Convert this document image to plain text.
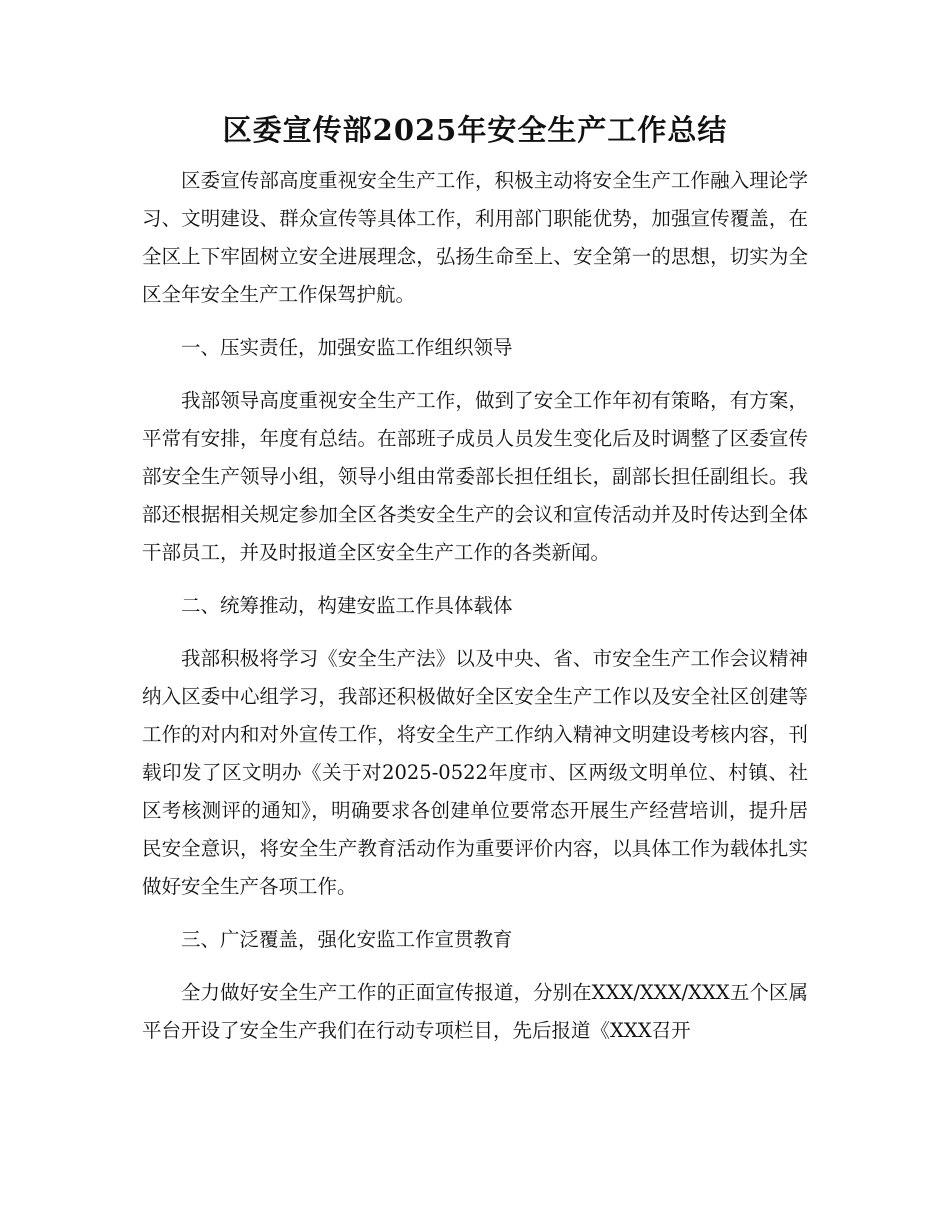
区委宣传部2025年安全生产工作总结

区委宣传部高度重视安全生产工作，积极主动将安全生产工作融入理论学习、文明建设、群众宣传等具体工作，利用部门职能优势，加强宣传覆盖，在全区上下牢固树立安全进展理念，弘扬生命至上、安全第一的思想，切实为全区全年安全生产工作保驾护航。

一、压实责任，加强安监工作组织领导

我部领导高度重视安全生产工作，做到了安全工作年初有策略，有方案，平常有安排，年度有总结。在部班子成员人员发生变化后及时调整了区委宣传部安全生产领导小组，领导小组由常委部长担任组长，副部长担任副组长。我部还根据相关规定参加全区各类安全生产的会议和宣传活动并及时传达到全体干部员工，并及时报道全区安全生产工作的各类新闻。

二、统筹推动，构建安监工作具体载体

我部积极将学习《安全生产法》以及中央、省、市安全生产工作会议精神纳入区委中心组学习，我部还积极做好全区安全生产工作以及安全社区创建等工作的对内和对外宣传工作，将安全生产工作纳入精神文明建设考核内容，刊载印发了区文明办《关于对2025-0522年度市、区两级文明单位、村镇、社区考核测评的通知》，明确要求各创建单位要常态开展生产经营培训，提升居民安全意识，将安全生产教育活动作为重要评价内容，以具体工作为载体扎实做好安全生产各项工作。

三、广泛覆盖，强化安监工作宣贯教育

全力做好安全生产工作的正面宣传报道，分别在XXX/XXX/XXX五个区属平台开设了安全生产我们在行动专项栏目，先后报道《XXX召开
